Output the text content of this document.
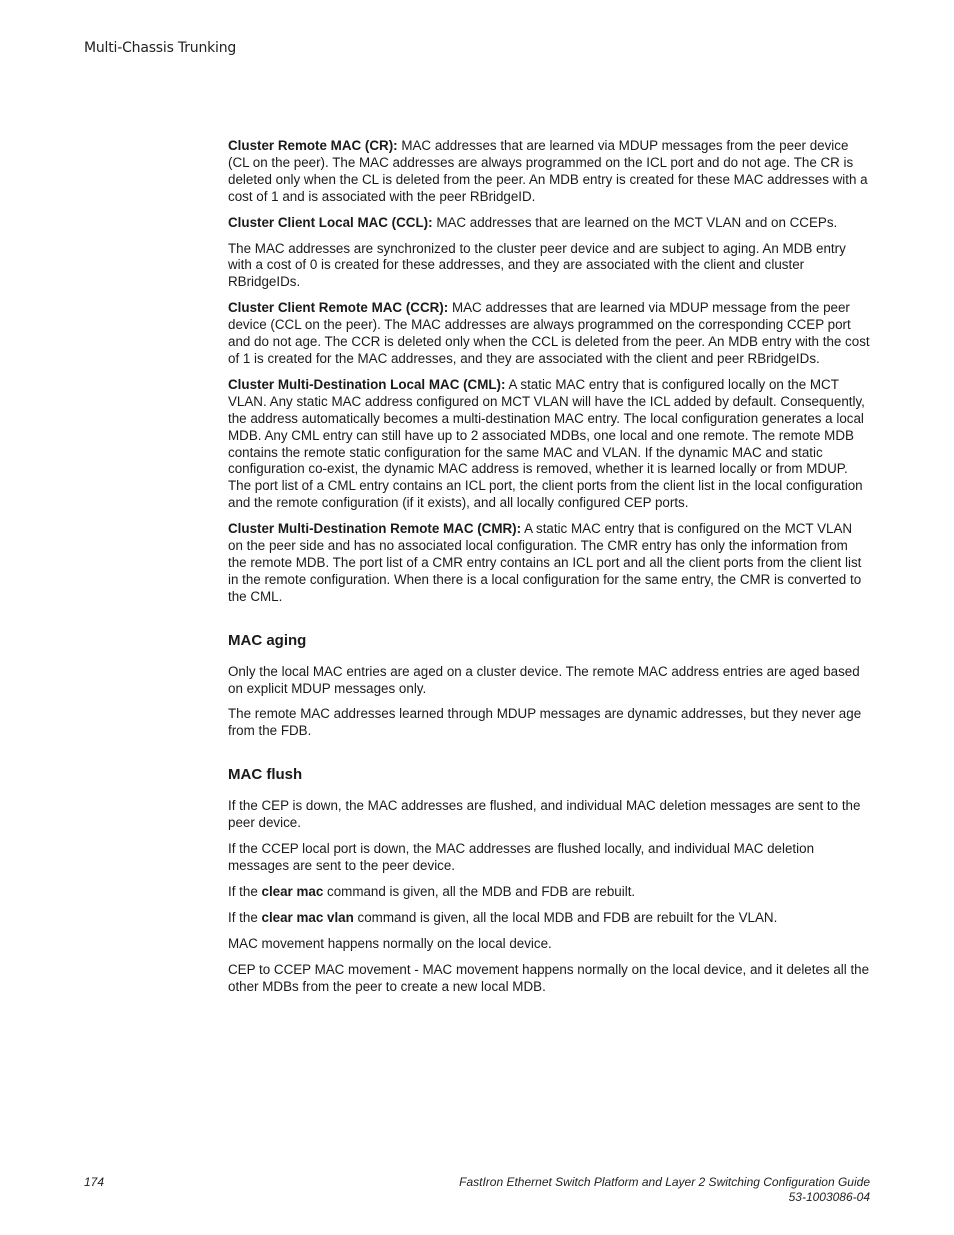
Multi-Chassis Trunking

Cluster Remote MAC (CR): MAC addresses that are learned via MDUP messages from the peer device (CL on the peer). The MAC addresses are always programmed on the ICL port and do not age. The CR is deleted only when the CL is deleted from the peer. An MDB entry is created for these MAC addresses with a cost of 1 and is associated with the peer RBridgeID.

Cluster Client Local MAC (CCL): MAC addresses that are learned on the MCT VLAN and on CCEPs.

The MAC addresses are synchronized to the cluster peer device and are subject to aging. An MDB entry with a cost of 0 is created for these addresses, and they are associated with the client and cluster RBridgeIDs.

Cluster Client Remote MAC (CCR): MAC addresses that are learned via MDUP message from the peer device (CCL on the peer). The MAC addresses are always programmed on the corresponding CCEP port and do not age. The CCR is deleted only when the CCL is deleted from the peer. An MDB entry with the cost of 1 is created for the MAC addresses, and they are associated with the client and peer RBridgeIDs.

Cluster Multi-Destination Local MAC (CML): A static MAC entry that is configured locally on the MCT VLAN. Any static MAC address configured on MCT VLAN will have the ICL added by default. Consequently, the address automatically becomes a multi-destination MAC entry. The local configuration generates a local MDB. Any CML entry can still have up to 2 associated MDBs, one local and one remote. The remote MDB contains the remote static configuration for the same MAC and VLAN. If the dynamic MAC and static configuration co-exist, the dynamic MAC address is removed, whether it is learned locally or from MDUP. The port list of a CML entry contains an ICL port, the client ports from the client list in the local configuration and the remote configuration (if it exists), and all locally configured CEP ports.

Cluster Multi-Destination Remote MAC (CMR): A static MAC entry that is configured on the MCT VLAN on the peer side and has no associated local configuration. The CMR entry has only the information from the remote MDB. The port list of a CMR entry contains an ICL port and all the client ports from the client list in the remote configuration. When there is a local configuration for the same entry, the CMR is converted to the CML.

MAC aging

Only the local MAC entries are aged on a cluster device. The remote MAC address entries are aged based on explicit MDUP messages only.

The remote MAC addresses learned through MDUP messages are dynamic addresses, but they never age from the FDB.

MAC flush

If the CEP is down, the MAC addresses are flushed, and individual MAC deletion messages are sent to the peer device.

If the CCEP local port is down, the MAC addresses are flushed locally, and individual MAC deletion messages are sent to the peer device.

If the clear mac command is given, all the MDB and FDB are rebuilt.

If the clear mac vlan command is given, all the local MDB and FDB are rebuilt for the VLAN.

MAC movement happens normally on the local device.

CEP to CCEP MAC movement - MAC movement happens normally on the local device, and it deletes all the other MDBs from the peer to create a new local MDB.

174	FastIron Ethernet Switch Platform and Layer 2 Switching Configuration Guide
53-1003086-04
